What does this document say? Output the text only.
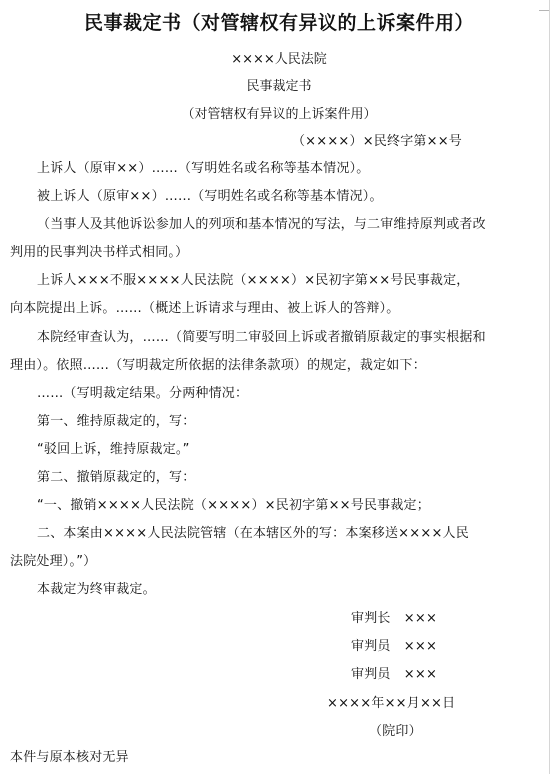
民事裁定书（对管辖权有异议的上诉案件用）
××××人民法院
民事裁定书
（对管辖权有异议的上诉案件用）
（××××）×民终字第××号
上诉人（原审××）……（写明姓名或名称等基本情况）。
被上诉人（原审××）……（写明姓名或名称等基本情况）。
（当事人及其他诉讼参加人的列项和基本情况的写法，与二审维持原判或者改
判用的民事判决书样式相同。）
上诉人×××不服××××人民法院（××××）×民初字第××号民事裁定，
向本院提出上诉。……（概述上诉请求与理由、被上诉人的答辩）。
本院经审查认为，……（简要写明二审驳回上诉或者撤销原裁定的事实根据和
理由）。依照……（写明裁定所依据的法律条款项）的规定，裁定如下：
……（写明裁定结果。分两种情况：
第一、维持原裁定的，写：
“驳回上诉，维持原裁定。”
第二、撤销原裁定的，写：
“一、撤销××××人民法院（××××）×民初字第××号民事裁定；
二、本案由××××人民法院管辖（在本辖区外的写：本案移送××××人民
法院处理）。”）
本裁定为终审裁定。
审判长　×××
审判员　×××
审判员　×××
××××年××月××日
（院印）
本件与原本核对无异
